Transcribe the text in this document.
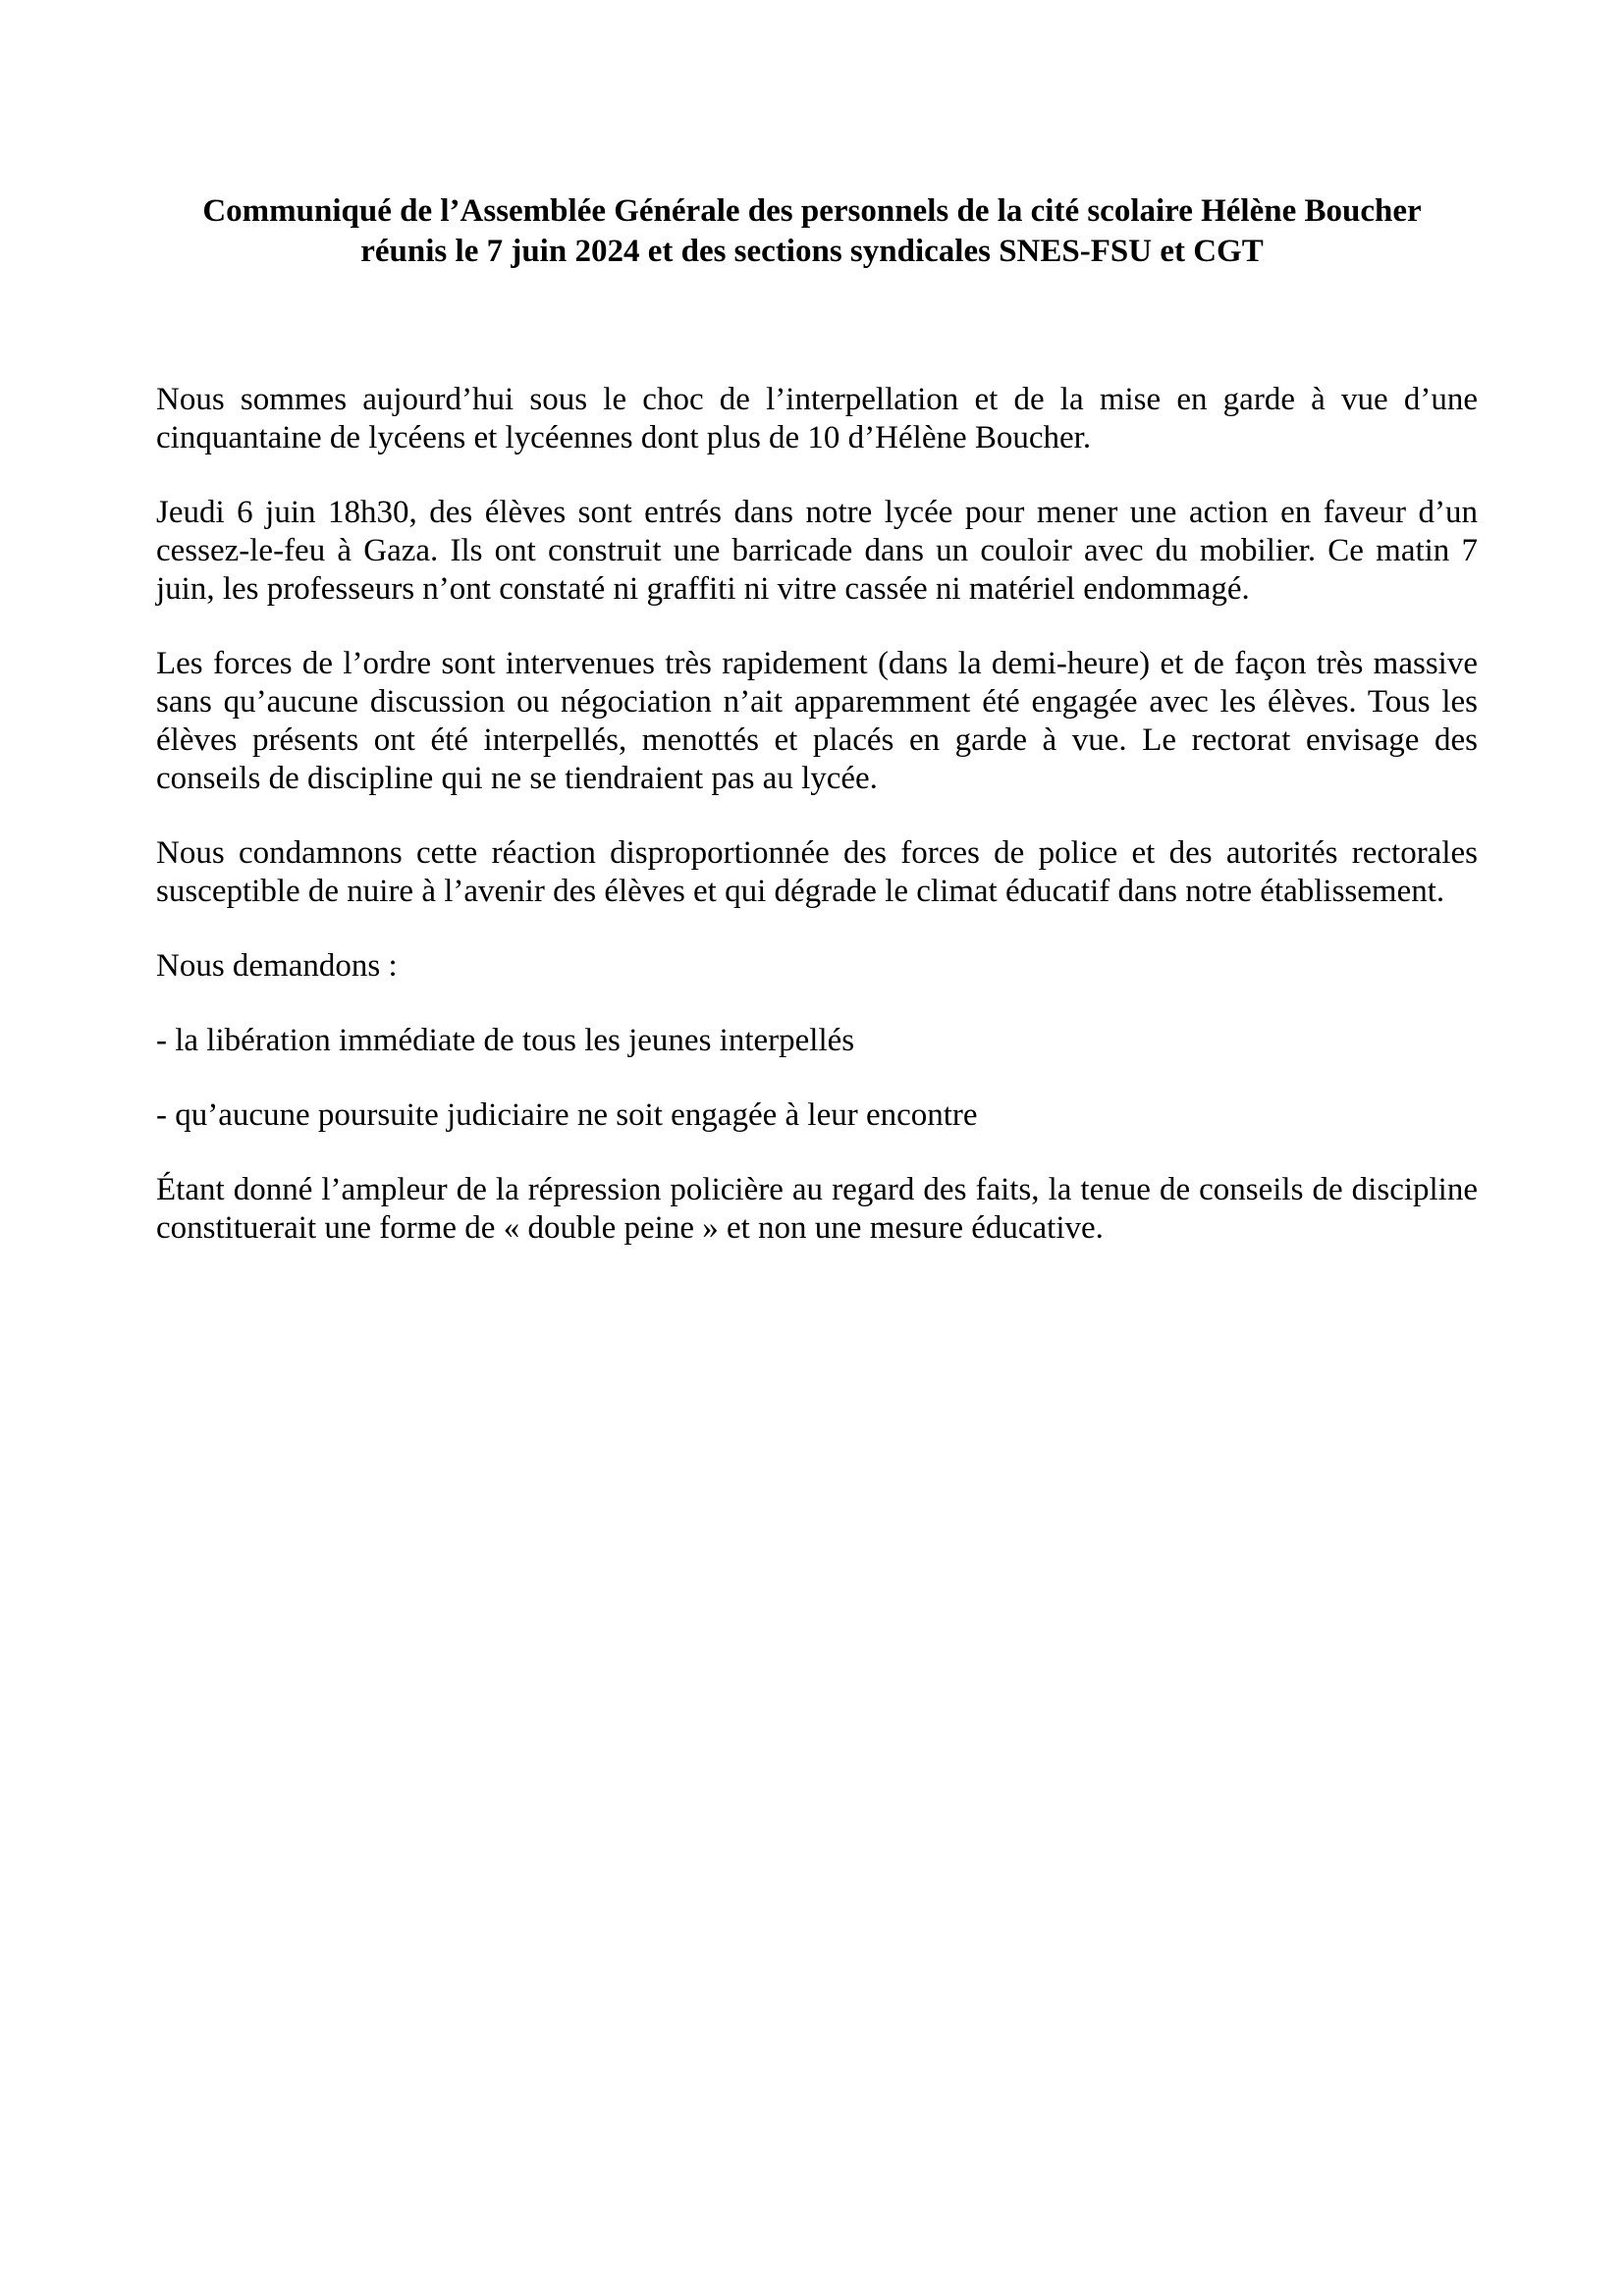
Communiqué de l’Assemblée Générale des personnels de la cité scolaire Hélène Boucher
réunis le 7 juin 2024 et des sections syndicales SNES-FSU et CGT

Nous sommes aujourd’hui sous le choc de l’interpellation et de la mise en garde à vue d’une cinquantaine de lycéens et lycéennes dont plus de 10 d’Hélène Boucher.

Jeudi 6 juin 18h30, des élèves sont entrés dans notre lycée pour mener une action en faveur d’un cessez-le-feu à Gaza. Ils ont construit une barricade dans un couloir avec du mobilier. Ce matin 7 juin, les professeurs n’ont constaté ni graffiti ni vitre cassée ni matériel endommagé.

Les forces de l’ordre sont intervenues très rapidement (dans la demi-heure) et de façon très massive sans qu’aucune discussion ou négociation n’ait apparemment été engagée avec les élèves. Tous les élèves présents ont été interpellés, menottés et placés en garde à vue. Le rectorat envisage des conseils de discipline qui ne se tiendraient pas au lycée.

Nous condamnons cette réaction disproportionnée des forces de police et des autorités rectorales susceptible de nuire à l’avenir des élèves et qui dégrade le climat éducatif dans notre établissement.

Nous demandons :

- la libération immédiate de tous les jeunes interpellés

- qu’aucune poursuite judiciaire ne soit engagée à leur encontre

Étant donné l’ampleur de la répression policière au regard des faits, la tenue de conseils de discipline constituerait une forme de « double peine » et non une mesure éducative.
